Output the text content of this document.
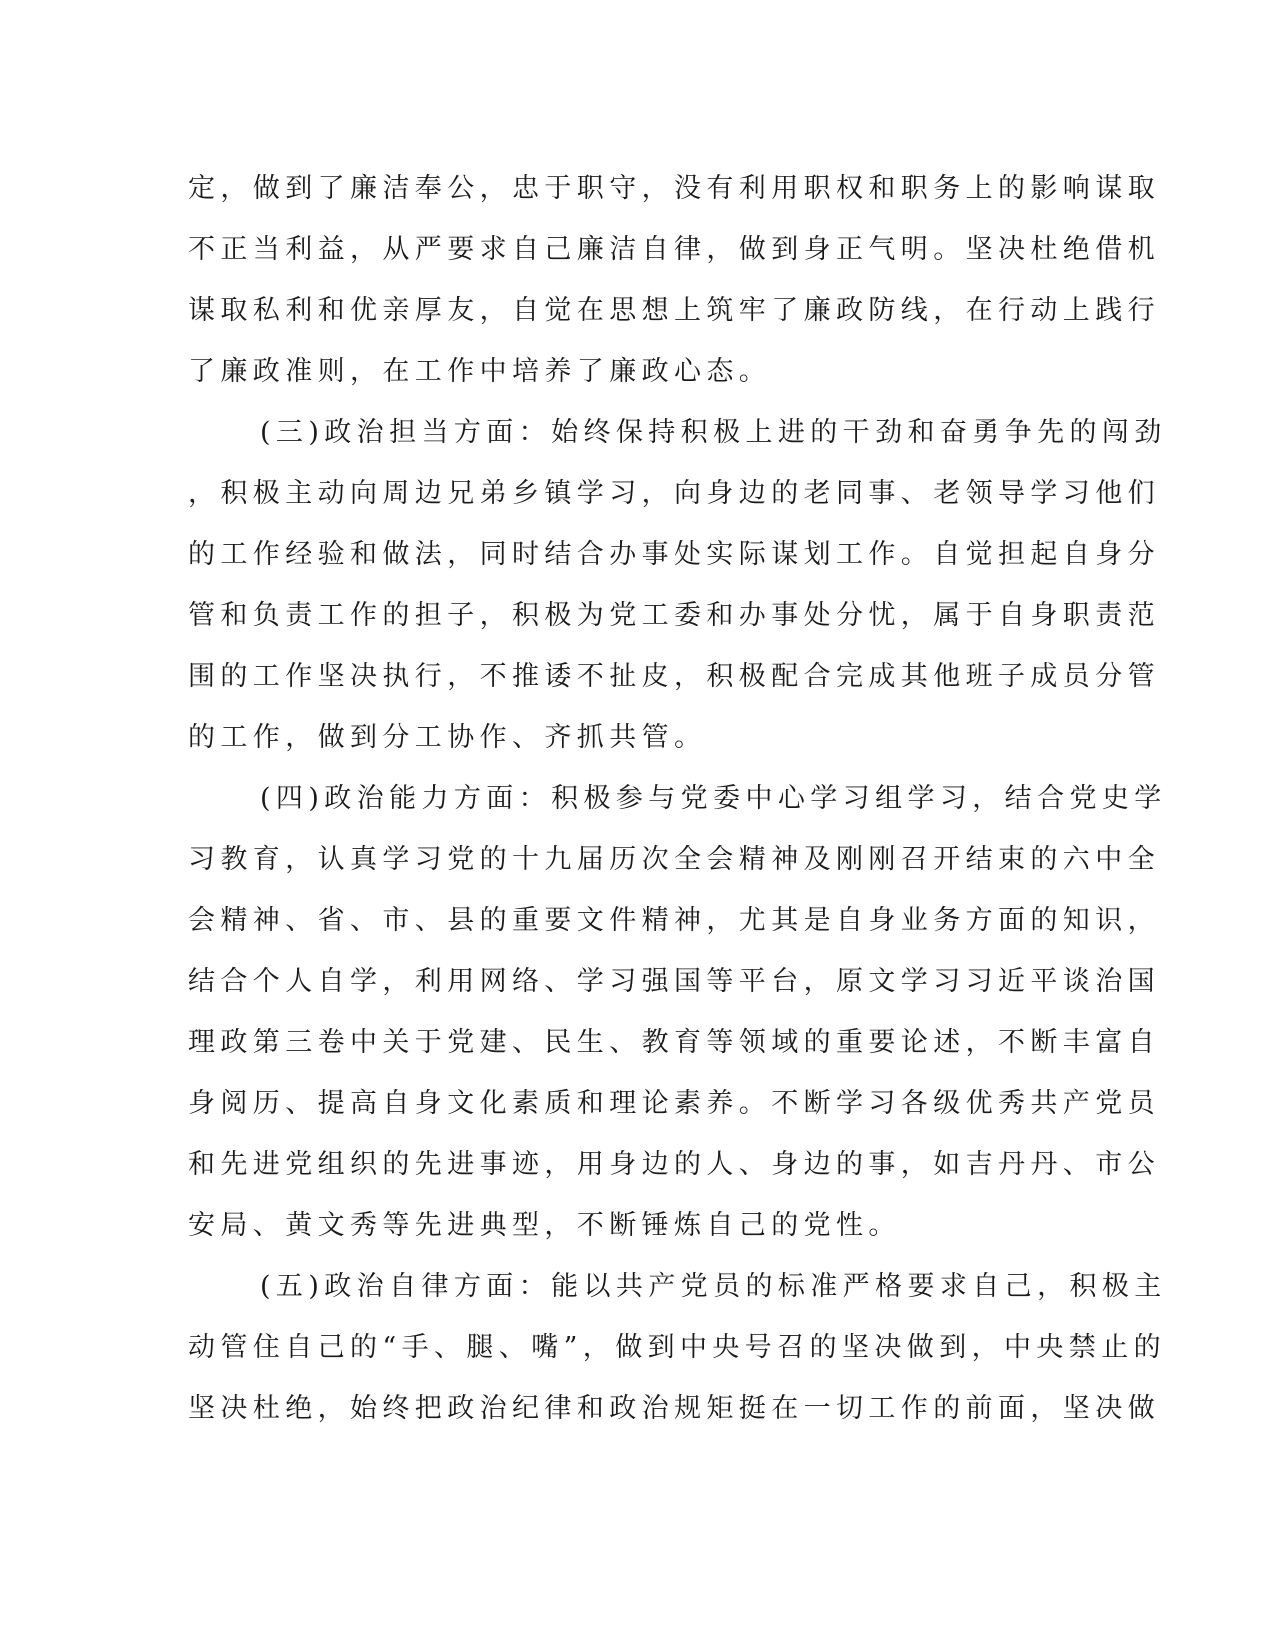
定，做到了廉洁奉公，忠于职守，没有利用职权和职务上的影响谋取
不正当利益，从严要求自己廉洁自律，做到身正气明。坚决杜绝借机
谋取私利和优亲厚友，自觉在思想上筑牢了廉政防线，在行动上践行
了廉政准则，在工作中培养了廉政心态。
(三)政治担当方面：始终保持积极上进的干劲和奋勇争先的闯劲
，积极主动向周边兄弟乡镇学习，向身边的老同事、老领导学习他们
的工作经验和做法，同时结合办事处实际谋划工作。自觉担起自身分
管和负责工作的担子，积极为党工委和办事处分忧，属于自身职责范
围的工作坚决执行，不推诿不扯皮，积极配合完成其他班子成员分管
的工作，做到分工协作、齐抓共管。
(四)政治能力方面：积极参与党委中心学习组学习，结合党史学
习教育，认真学习党的十九届历次全会精神及刚刚召开结束的六中全
会精神、省、市、县的重要文件精神，尤其是自身业务方面的知识，
结合个人自学，利用网络、学习强国等平台，原文学习习近平谈治国
理政第三卷中关于党建、民生、教育等领域的重要论述，不断丰富自
身阅历、提高自身文化素质和理论素养。不断学习各级优秀共产党员
和先进党组织的先进事迹，用身边的人、身边的事，如吉丹丹、市公
安局、黄文秀等先进典型，不断锤炼自己的党性。
(五)政治自律方面：能以共产党员的标准严格要求自己，积极主
动管住自己的“手、腿、嘴”，做到中央号召的坚决做到，中央禁止的
坚决杜绝，始终把政治纪律和政治规矩挺在一切工作的前面，坚决做
